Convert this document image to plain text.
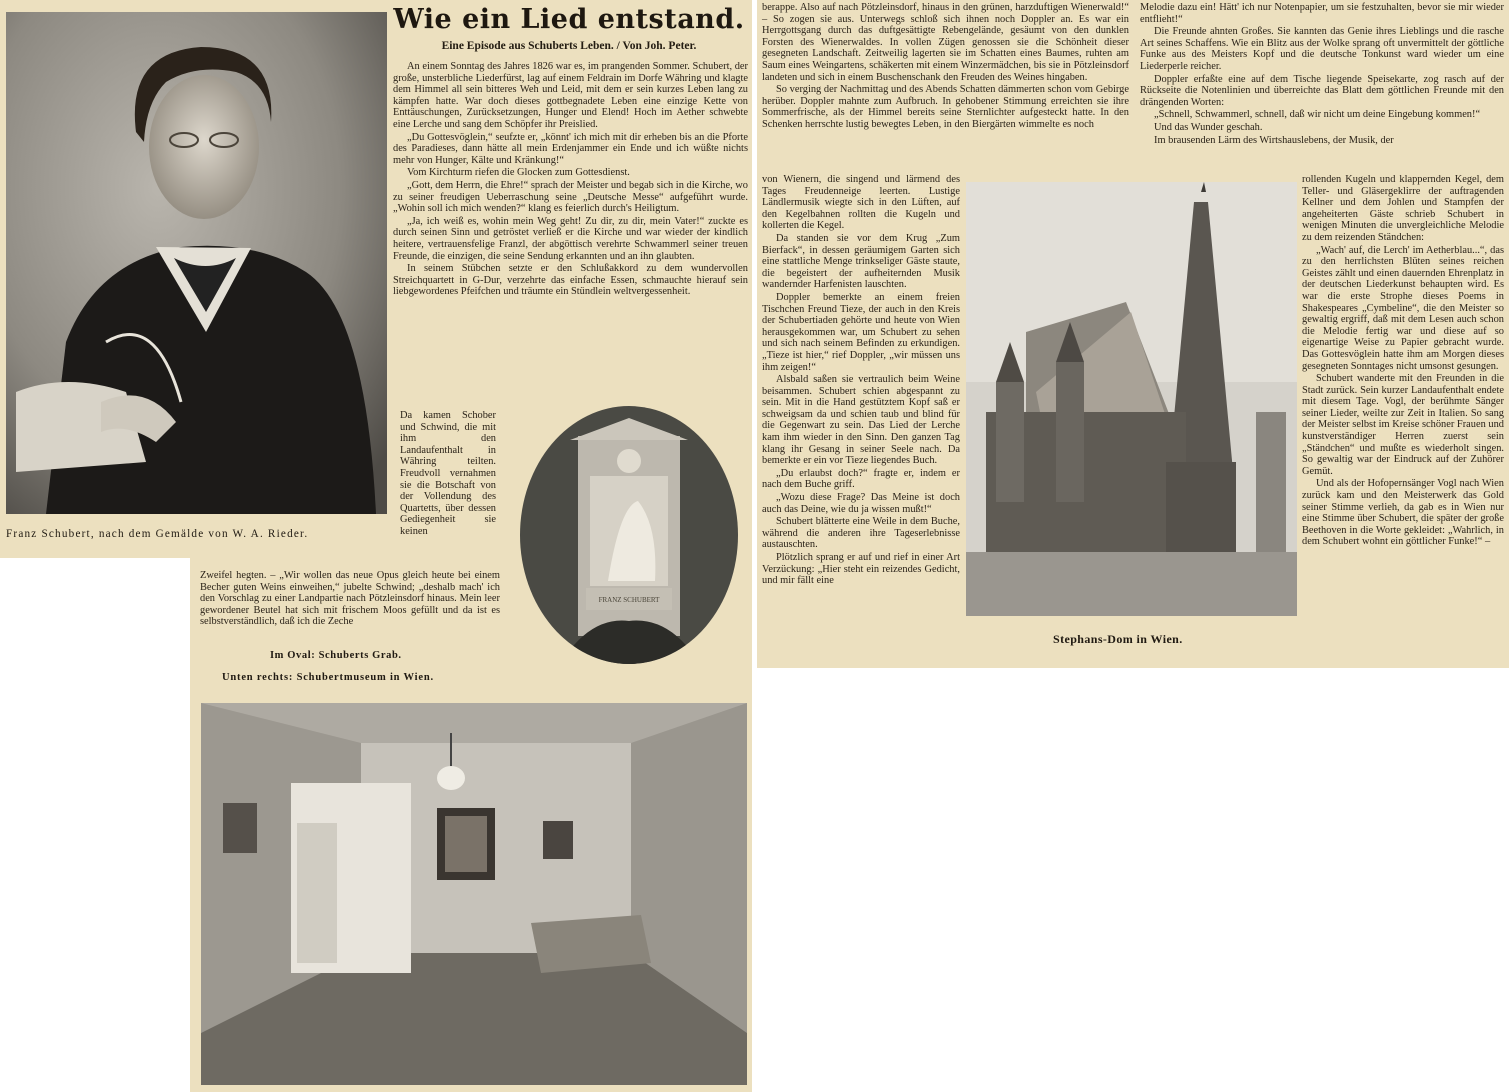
Franz Schubert, nach dem Gemälde von W. A. Rieder.
Wie ein Lied entstand.
Eine Episode aus Schuberts Leben. / Von Joh. Peter.

An einem Sonntag des Jahres 1826 war es, im prangenden Sommer. Schubert, der große, unsterbliche Liederfürst, lag auf einem Feldrain im Dorfe Währing und klagte dem Himmel all sein bitteres Weh und Leid, mit dem er sein kurzes Leben lang zu kämpfen hatte. War doch dieses gottbegnadete Leben eine einzige Kette von Enttäuschungen, Zurücksetzungen, Hunger und Elend! Hoch im Aether schwebte eine Lerche und sang dem Schöpfer ihr Preislied.

„Du Gottesvöglein,“ seufzte er, „könnt' ich mich mit dir erheben bis an die Pforte des Paradieses, dann hätte all mein Erdenjammer ein Ende und ich wüßte nichts mehr von Hunger, Kälte und Kränkung!“

Vom Kirchturm riefen die Glocken zum Gottesdienst.

„Gott, dem Herrn, die Ehre!“ sprach der Meister und begab sich in die Kirche, wo zu seiner freudigen Ueberraschung seine „Deutsche Messe“ aufgeführt wurde. „Wohin soll ich mich wenden?“ klang es feierlich durch's Heiligtum.

„Ja, ich weiß es, wohin mein Weg geht! Zu dir, zu dir, mein Vater!“ zuckte es durch seinen Sinn und getröstet verließ er die Kirche und war wieder der kindlich heitere, vertrauensfelige Franzl, der abgöttisch verehrte Schwammerl seiner treuen Freunde, die einzigen, die seine Sendung erkannten und an ihn glaubten.

In seinem Stübchen setzte er den Schlußakkord zu dem wundervollen Streichquartett in G-Dur, verzehrte das einfache Essen, schmauchte hierauf sein liebgewordenes Pfeifchen und träumte ein Stündlein weltvergessenheit.

Da kamen Schober und Schwind, die mit ihm den Landaufenthalt in Währing teilten. Freudvoll vernahmen sie die Botschaft von der Vollendung des Quartetts, über dessen Gediegenheit sie keinen

FRANZ SCHUBERT

Zweifel hegten. – „Wir wollen das neue Opus gleich heute bei einem Becher guten Weins einweihen,“ jubelte Schwind; „deshalb mach' ich den Vorschlag zu einer Landpartie nach Pötzleinsdorf hinaus. Mein leer gewordener Beutel hat sich mit frischem Moos gefüllt und da ist es selbstverständlich, daß ich die Zeche

Im Oval: Schuberts Grab.
Unten rechts: Schubertmuseum in Wien.

berappe. Also auf nach Pötzleinsdorf, hinaus in den grünen, harzduftigen Wienerwald!“ – So zogen sie aus. Unterwegs schloß sich ihnen noch Doppler an. Es war ein Herrgottsgang durch das duftgesättigte Rebengelände, gesäumt von den dunklen Forsten des Wienerwaldes. In vollen Zügen genossen sie die Schönheit dieser gesegneten Landschaft. Zeitweilig lagerten sie im Schatten eines Baumes, ruhten am Saum eines Weingartens, schäkerten mit einem Winzermädchen, bis sie in Pötzleinsdorf landeten und sich in einem Buschenschank den Freuden des Weines hingaben.

So verging der Nachmittag und des Abends Schatten dämmerten schon vom Gebirge herüber. Doppler mahnte zum Aufbruch. In gehobener Stimmung erreichten sie ihre Sommerfrische, als der Himmel bereits seine Sternlichter aufgesteckt hatte. In den Schenken herrschte lustig bewegtes Leben, in den Biergärten wimmelte es noch

von Wienern, die singend und lärmend des Tages Freudenneige leerten. Lustige Ländlermusik wiegte sich in den Lüften, auf den Kegelbahnen rollten die Kugeln und kollerten die Kegel.

Da standen sie vor dem Krug „Zum Bierfack“, in dessen geräumigem Garten sich eine stattliche Menge trinkseliger Gäste staute, die begeistert der aufheiternden Musik wandernder Harfenisten lauschten.

Doppler bemerkte an einem freien Tischchen Freund Tieze, der auch in den Kreis der Schubertiaden gehörte und heute von Wien herausgekommen war, um Schubert zu sehen und sich nach seinem Befinden zu erkundigen. „Tieze ist hier,“ rief Doppler, „wir müssen uns ihm zeigen!“

Alsbald saßen sie vertraulich beim Weine beisammen. Schubert schien abgespannt zu sein. Mit in die Hand gestütztem Kopf saß er schweigsam da und schien taub und blind für die Gegenwart zu sein. Das Lied der Lerche kam ihm wieder in den Sinn. Den ganzen Tag klang ihr Gesang in seiner Seele nach. Da bemerkte er ein vor Tieze liegendes Buch.

„Du erlaubst doch?“ fragte er, indem er nach dem Buche griff.

„Wozu diese Frage? Das Meine ist doch auch das Deine, wie du ja wissen mußt!“

Schubert blätterte eine Weile in dem Buche, während die anderen ihre Tageserlebnisse austauschten.

Plötzlich sprang er auf und rief in einer Art Verzückung: „Hier steht ein reizendes Gedicht, und mir fällt eine

Stephans-Dom in Wien.

Melodie dazu ein! Hätt' ich nur Notenpapier, um sie festzuhalten, bevor sie mir wieder entflieht!“

Die Freunde ahnten Großes. Sie kannten das Genie ihres Lieblings und die rasche Art seines Schaffens. Wie ein Blitz aus der Wolke sprang oft unvermittelt der göttliche Funke aus des Meisters Kopf und die deutsche Tonkunst ward wieder um eine Liederperle reicher.

Doppler erfaßte eine auf dem Tische liegende Speisekarte, zog rasch auf der Rückseite die Notenlinien und überreichte das Blatt dem göttlichen Freunde mit den drängenden Worten:

„Schnell, Schwammerl, schnell, daß wir nicht um deine Eingebung kommen!“

Und das Wunder geschah.

Im brausenden Lärm des Wirtshauslebens, der Musik, der

rollenden Kugeln und klappernden Kegel, dem Teller- und Gläsergeklirre der auftragenden Kellner und dem Johlen und Stampfen der angeheiterten Gäste schrieb Schubert in wenigen Minuten die unvergleichliche Melodie zu dem reizenden Ständchen:

„Wach' auf, die Lerch' im Aetherblau...“, das zu den herrlichsten Blüten seines reichen Geistes zählt und einen dauernden Ehrenplatz in der deutschen Liederkunst behaupten wird. Es war die erste Strophe dieses Poems in Shakespeares „Cymbeline“, die den Meister so gewaltig ergriff, daß mit dem Lesen auch schon die Melodie fertig war und diese auf so eigenartige Weise zu Papier gebracht wurde. Das Gottesvöglein hatte ihm am Morgen dieses gesegneten Sonntages nicht umsonst gesungen.

Schubert wanderte mit den Freunden in die Stadt zurück. Sein kurzer Landaufenthalt endete mit diesem Tage. Vogl, der berühmte Sänger seiner Lieder, weilte zur Zeit in Italien. So sang der Meister selbst im Kreise schöner Frauen und kunstverständiger Herren zuerst sein „Ständchen“ und mußte es wiederholt singen. So gewaltig war der Eindruck auf der Zuhörer Gemüt.

Und als der Hofopernsänger Vogl nach Wien zurück kam und den Meisterwerk das Gold seiner Stimme verlieh, da gab es in Wien nur eine Stimme über Schubert, die später der große Beethoven in die Worte gekleidet: „Wahrlich, in dem Schubert wohnt ein göttlicher Funke!“ –
